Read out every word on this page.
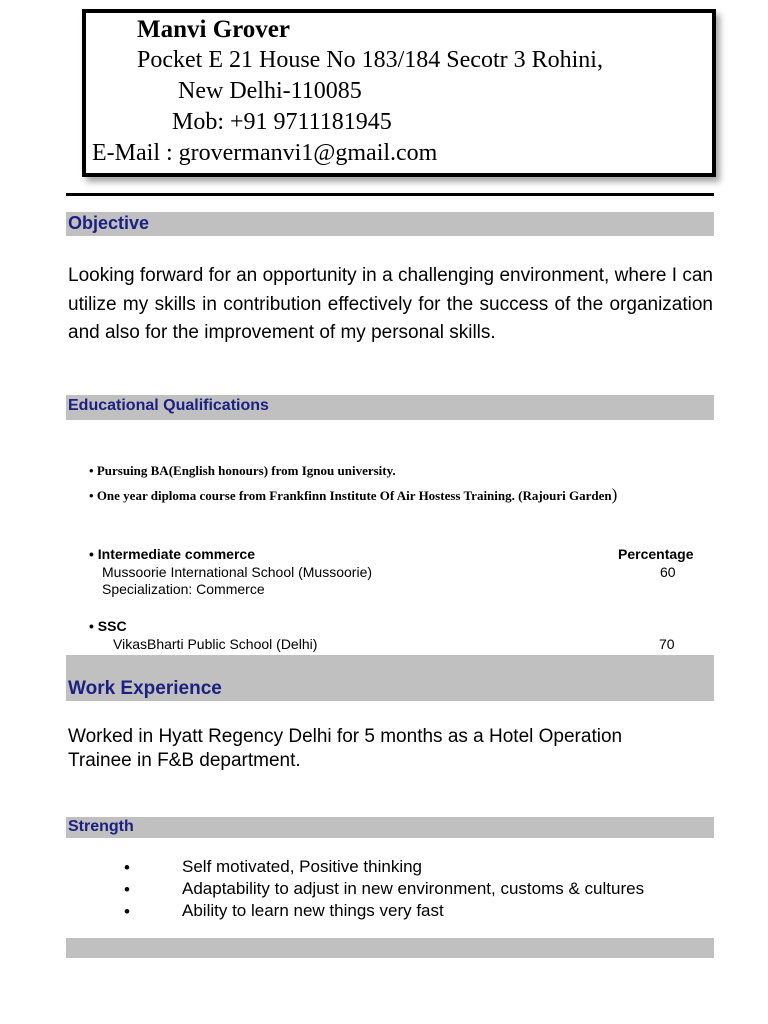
Manvi Grover
Pocket E 21 House No 183/184 Secotr 3 Rohini,
New Delhi-110085
Mob: +91 9711181945
E-Mail : grovermanvi1@gmail.com
Objective
Looking forward for an opportunity in a challenging environment, where I can utilize my skills in contribution effectively for the success of the organization and also for the improvement of my personal skills.
Educational Qualifications
• Pursuing BA(English honours) from Ignou university.
• One year diploma course from Frankfinn Institute Of Air Hostess Training. (Rajouri Garden)
• Intermediate commerce	Percentage
Mussoorie International School (Mussoorie)	60
Specialization: Commerce
• SSC
VikasBharti Public School (Delhi)	70
Work Experience
Worked in Hyatt Regency Delhi for 5 months as a Hotel Operation Trainee in F&B department.
Strength
•	Self motivated, Positive thinking
•	Adaptability to adjust in new environment, customs & cultures
•	Ability to learn new things very fast
